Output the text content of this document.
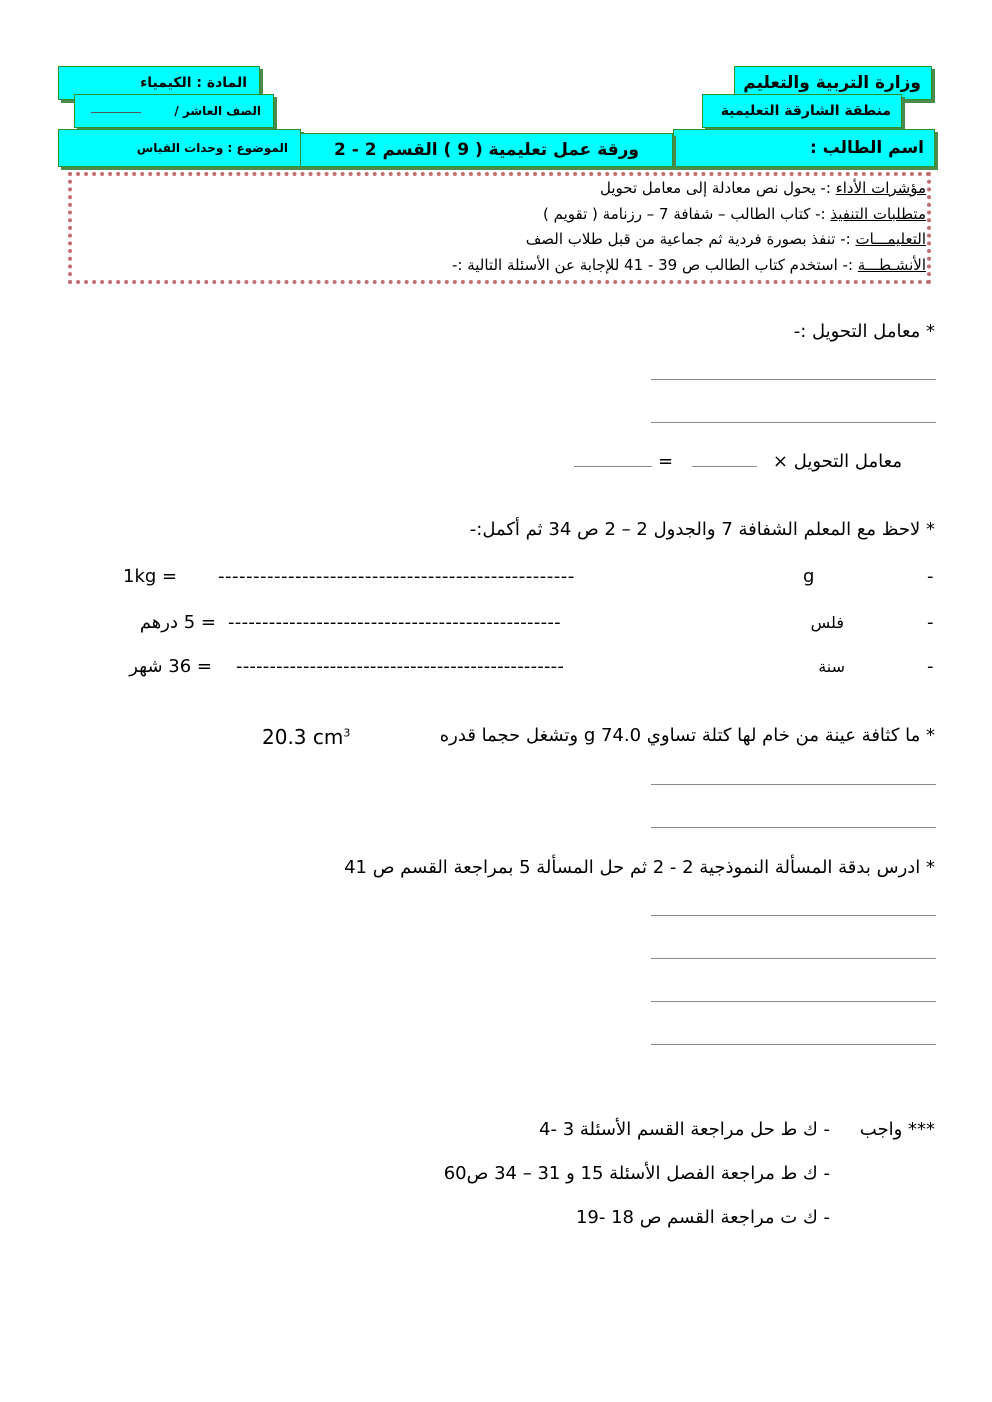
وزارة التربية والتعليم
منطقة الشارقة التعليمية
اسم الطالب :
المادة : الكيمياء
الصف العاشر /
الموضوع : وحدات القياس	ورقة عمل تعليمية ( 9 ) القسم 2 - 2
مؤشرات الأداء :- يحول نص معادلة إلى معامل تحويل
متطلبات التنفيذ :- كتاب الطالب – شفافة 7 – رزنامة ( تقويم )
التعليمـــات :- تنفذ بصورة فردية ثم جماعية من قبل طلاب الصف
الأنشـطـــة :- استخدم كتاب الطالب ص 39 - 41 للإجابة عن الأسئلة التالية :-
* معامل التحويل :-
معامل التحويل ×
=
* لاحظ مع المعلم الشفافة 7 والجدول 2 – 2 ص 34 ثم أكمل:-
-
g
---------------------------------------------------
1kg =
-
فلس
-------------------------------------------------
= 5 درهم
-
سنة
-------------------------------------------------
= 36 شهر
* ما كثافة عينة من خام لها كتلة تساوي 74.0 g وتشغل حجما قدره
20.3 $cm^3$
* ادرس بدقة المسألة النموذجية 2 - 2 ثم حل المسألة 5 بمراجعة القسم ص 41
*** واجب
- ك ط حل مراجعة القسم الأسئلة 3 -4
- ك ط مراجعة الفصل الأسئلة 15 و 31 – 34 ص60
- ك ت مراجعة القسم ص 18 -19
